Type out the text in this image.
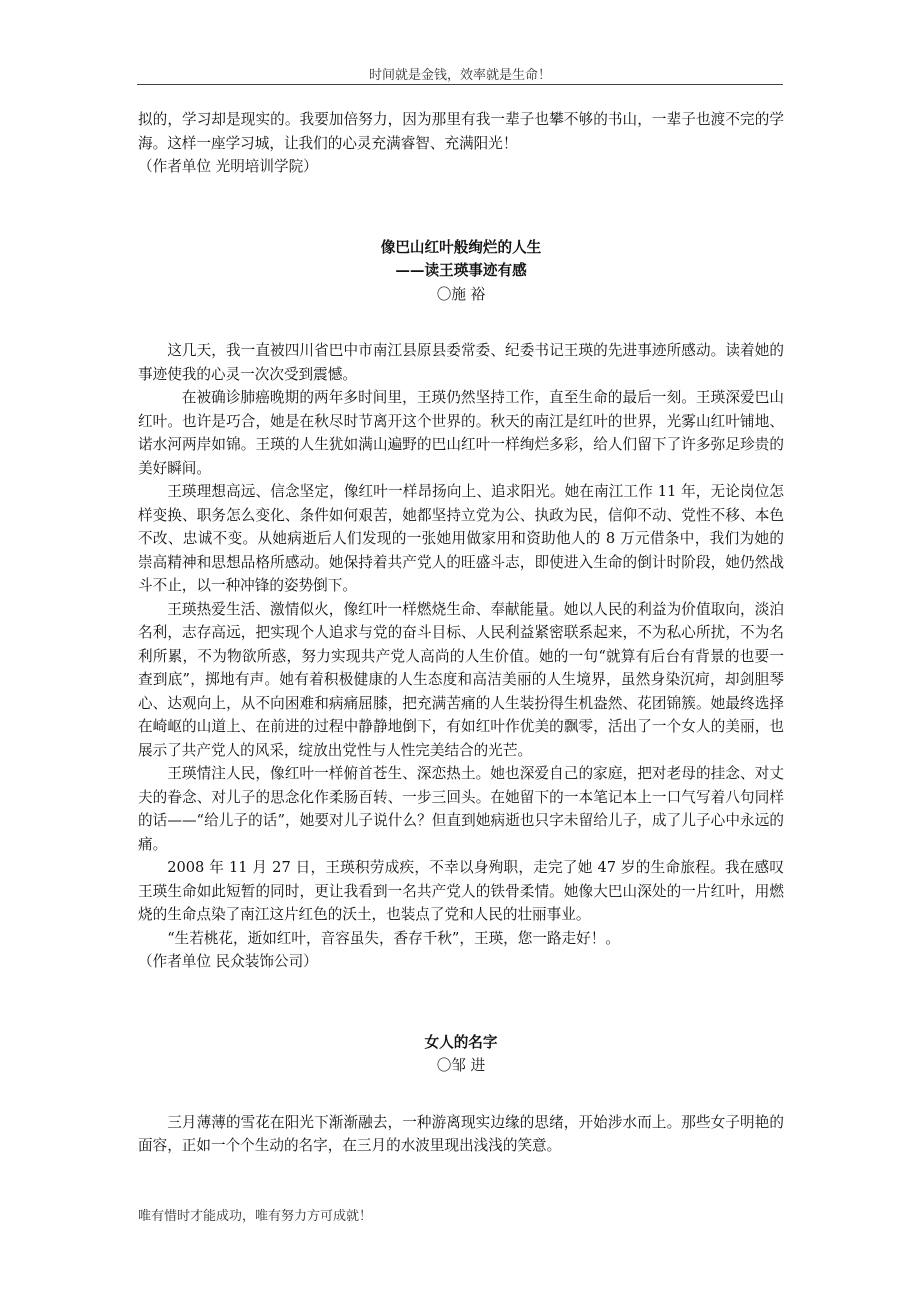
时间就是金钱，效率就是生命！

拟的，学习却是现实的。我要加倍努力，因为那里有我一辈子也攀不够的书山，一辈子也渡不完的学海。这样一座学习城，让我们的心灵充满睿智、充满阳光！

（作者单位 光明培训学院）

像巴山红叶般绚烂的人生

——读王瑛事迹有感

〇施 裕

这几天，我一直被四川省巴中市南江县原县委常委、纪委书记王瑛的先进事迹所感动。读着她的事迹使我的心灵一次次受到震憾。

在被确诊肺癌晚期的两年多时间里，王瑛仍然坚持工作，直至生命的最后一刻。王瑛深爱巴山红叶。也许是巧合，她是在秋尽时节离开这个世界的。秋天的南江是红叶的世界，光雾山红叶铺地、诺水河两岸如锦。王瑛的人生犹如满山遍野的巴山红叶一样绚烂多彩，给人们留下了许多弥足珍贵的美好瞬间。

王瑛理想高远、信念坚定，像红叶一样昂扬向上、追求阳光。她在南江工作 11 年，无论岗位怎样变换、职务怎么变化、条件如何艰苦，她都坚持立党为公、执政为民，信仰不动、党性不移、本色不改、忠诚不变。从她病逝后人们发现的一张她用做家用和资助他人的 8 万元借条中，我们为她的崇高精神和思想品格所感动。她保持着共产党人的旺盛斗志，即使进入生命的倒计时阶段，她仍然战斗不止，以一种冲锋的姿势倒下。

王瑛热爱生活、激情似火，像红叶一样燃烧生命、奉献能量。她以人民的利益为价值取向，淡泊名利，志存高远，把实现个人追求与党的奋斗目标、人民利益紧密联系起来，不为私心所扰，不为名利所累，不为物欲所惑，努力实现共产党人高尚的人生价值。她的一句“就算有后台有背景的也要一查到底”，掷地有声。她有着积极健康的人生态度和高洁美丽的人生境界，虽然身染沉疴，却剑胆琴心、达观向上，从不向困难和病痛屈膝，把充满苦痛的人生装扮得生机盎然、花团锦簇。她最终选择在崎岖的山道上、在前进的过程中静静地倒下，有如红叶作优美的飘零，活出了一个女人的美丽，也展示了共产党人的风采，绽放出党性与人性完美结合的光芒。

王瑛情注人民，像红叶一样俯首苍生、深恋热土。她也深爱自己的家庭，把对老母的挂念、对丈夫的眷念、对儿子的思念化作柔肠百转、一步三回头。在她留下的一本笔记本上一口气写着八句同样的话——“给儿子的话”，她要对儿子说什么？但直到她病逝也只字未留给儿子，成了儿子心中永远的痛。

2008 年 11 月 27 日，王瑛积劳成疾，不幸以身殉职，走完了她 47 岁的生命旅程。我在感叹王瑛生命如此短暂的同时，更让我看到一名共产党人的铁骨柔情。她像大巴山深处的一片红叶，用燃烧的生命点染了南江这片红色的沃土，也装点了党和人民的壮丽事业。

“生若桃花，逝如红叶，音容虽失，香存千秋”，王瑛，您一路走好！。

（作者单位 民众装饰公司）

女人的名字

〇邹 进

三月薄薄的雪花在阳光下渐渐融去，一种游离现实边缘的思绪，开始涉水而上。那些女子明艳的面容，正如一个个生动的名字，在三月的水波里现出浅浅的笑意。

唯有惜时才能成功，唯有努力方可成就！
